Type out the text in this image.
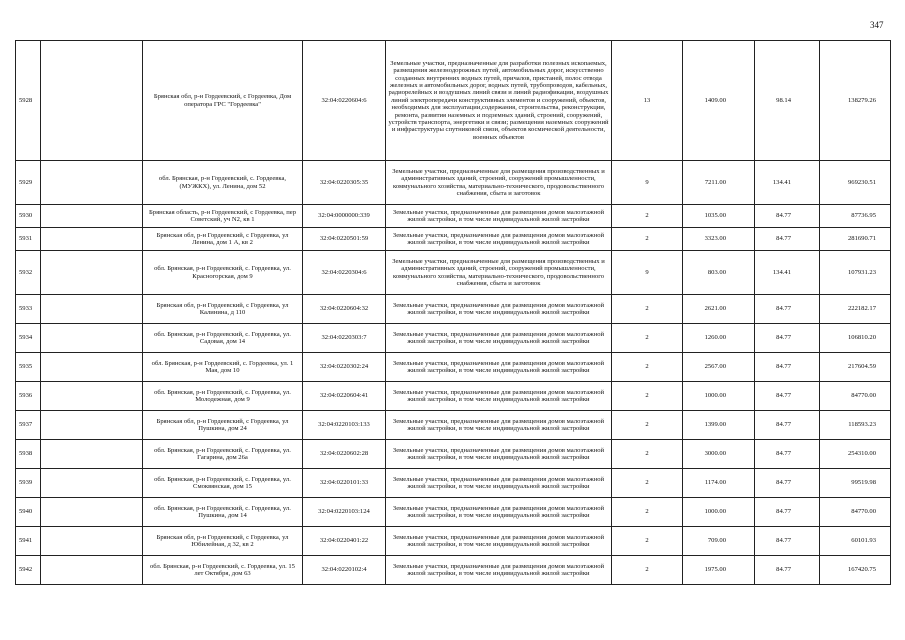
347
5928		Брянская обл, р-н Гордеевский, с Гордеевка, Дом оператора ГРС "Гордеевка"	32:04:0220604:6	Земельные участки, предназначенные для разработки полезных ископаемых, размещения железнодорожных путей, автомобильных дорог, искусственно созданных внутренних водных путей, причалов, пристаней, полос отвода железных и автомобильных дорог, водных путей, трубопроводов, кабельных, радиорелейных и воздушных линий связи и линий радиофикации, воздушных линий электропередачи конструктивных элементов и сооружений, объектов, необходимых для эксплуатации,содержания, строительства, реконструкции, ремонта, развития наземных и подземных зданий, строений, сооружений, устройств транспорта, энергетики и связи; размещения наземных сооружений и инфраструктуры спутниковой связи, объектов космической деятельности, военных объектов	13	1409.00	98.14	138279.26
5929		обл. Брянская, р-н Гордеевский, с. Гордеевка, (МУЖКХ), ул. Ленина, дом 52	32:04:0220305:35	Земельные участки, предназначенные для размещения производственных и административных зданий, строений, сооружений промышленности, коммунального хозяйства, материально-технического, продовольственного снабжения, сбыта и заготовок	9	7211.00	134.41	969230.51
5930		Брянская область, р-н Гордеевский, с Гордеевка, пер Советский, уч N2, кв 1	32:04:0000000:339	Земельные участки, предназначенные для размещения домов малоэтажной жилой застройки, в том числе индивидуальной жилой застройки	2	1035.00	84.77	87736.95
5931		Брянская обл, р-н Гордеевский, с Гордеевка, ул Ленина, дом 1 А, кв 2	32:04:0220501:59	Земельные участки, предназначенные для размещения домов малоэтажной жилой застройки, в том числе индивидуальной жилой застройки	2	3323.00	84.77	281690.71
5932		обл. Брянская, р-н Гордеевский, с. Гордеевка, ул. Красногорская, дом 9	32:04:0220304:6	Земельные участки, предназначенные для размещения производственных и административных зданий, строений, сооружений промышленности, коммунального хозяйства, материально-технического, продовольственного снабжения, сбыта и заготовок	9	803.00	134.41	107931.23
5933		Брянская обл, р-н Гордеевский, с Гордеевка, ул Калинина, д 110	32:04:0220604:32	Земельные участки, предназначенные для размещения домов малоэтажной жилой застройки, в том числе индивидуальной жилой застройки	2	2621.00	84.77	222182.17
5934		обл. Брянская, р-н Гордеевский, с. Гордеевка, ул. Садовая, дом 14	32:04:0220303:7	Земельные участки, предназначенные для размещения домов малоэтажной жилой застройки, в том числе индивидуальной жилой застройки	2	1260.00	84.77	106810.20
5935		обл. Брянская, р-н Гордеевский, с. Гордеевка, ул. 1 Мая, дом 10	32:04:0220302:24	Земельные участки, предназначенные для размещения домов малоэтажной жилой застройки, в том числе индивидуальной жилой застройки	2	2567.00	84.77	217604.59
5936		обл. Брянская, р-н Гордеевский, с. Гордеевка, ул. Молодежная, дом 9	32:04:0220604:41	Земельные участки, предназначенные для размещения домов малоэтажной жилой застройки, в том числе индивидуальной жилой застройки	2	1000.00	84.77	84770.00
5937		Брянская обл, р-н Гордеевский, с Гордеевка, ул Пушкина, дом 24	32:04:0220103:133	Земельные участки, предназначенные для размещения домов малоэтажной жилой застройки, в том числе индивидуальной жилой застройки	2	1399.00	84.77	118593.23
5938		обл. Брянская, р-н Гордеевский, с. Гордеевка, ул. Гагарина, дом 26а	32:04:0220602:28	Земельные участки, предназначенные для размещения домов малоэтажной жилой застройки, в том числе индивидуальной жилой застройки	2	3000.00	84.77	254310.00
5939		обл. Брянская, р-н Гордеевский, с. Гордеевка, ул. Смоквянская, дом 15	32:04:0220101:33	Земельные участки, предназначенные для размещения домов малоэтажной жилой застройки, в том числе индивидуальной жилой застройки	2	1174.00	84.77	99519.98
5940		обл. Брянская, р-н Гордеевский, с. Гордеевка, ул. Пушкина, дом 14	32:04:0220103:124	Земельные участки, предназначенные для размещения домов малоэтажной жилой застройки, в том числе индивидуальной жилой застройки	2	1000.00	84.77	84770.00
5941		Брянская обл, р-н Гордеевский, с Гордеевка, ул Юбилейная, д 32, кв 2	32:04:0220401:22	Земельные участки, предназначенные для размещения домов малоэтажной жилой застройки, в том числе индивидуальной жилой застройки	2	709.00	84.77	60101.93
5942		обл. Брянская, р-н Гордеевский, с. Гордеевка, ул. 15 лет Октября, дом 63	32:04:0220102:4	Земельные участки, предназначенные для размещения домов малоэтажной жилой застройки, в том числе индивидуальной жилой застройки	2	1975.00	84.77	167420.75
